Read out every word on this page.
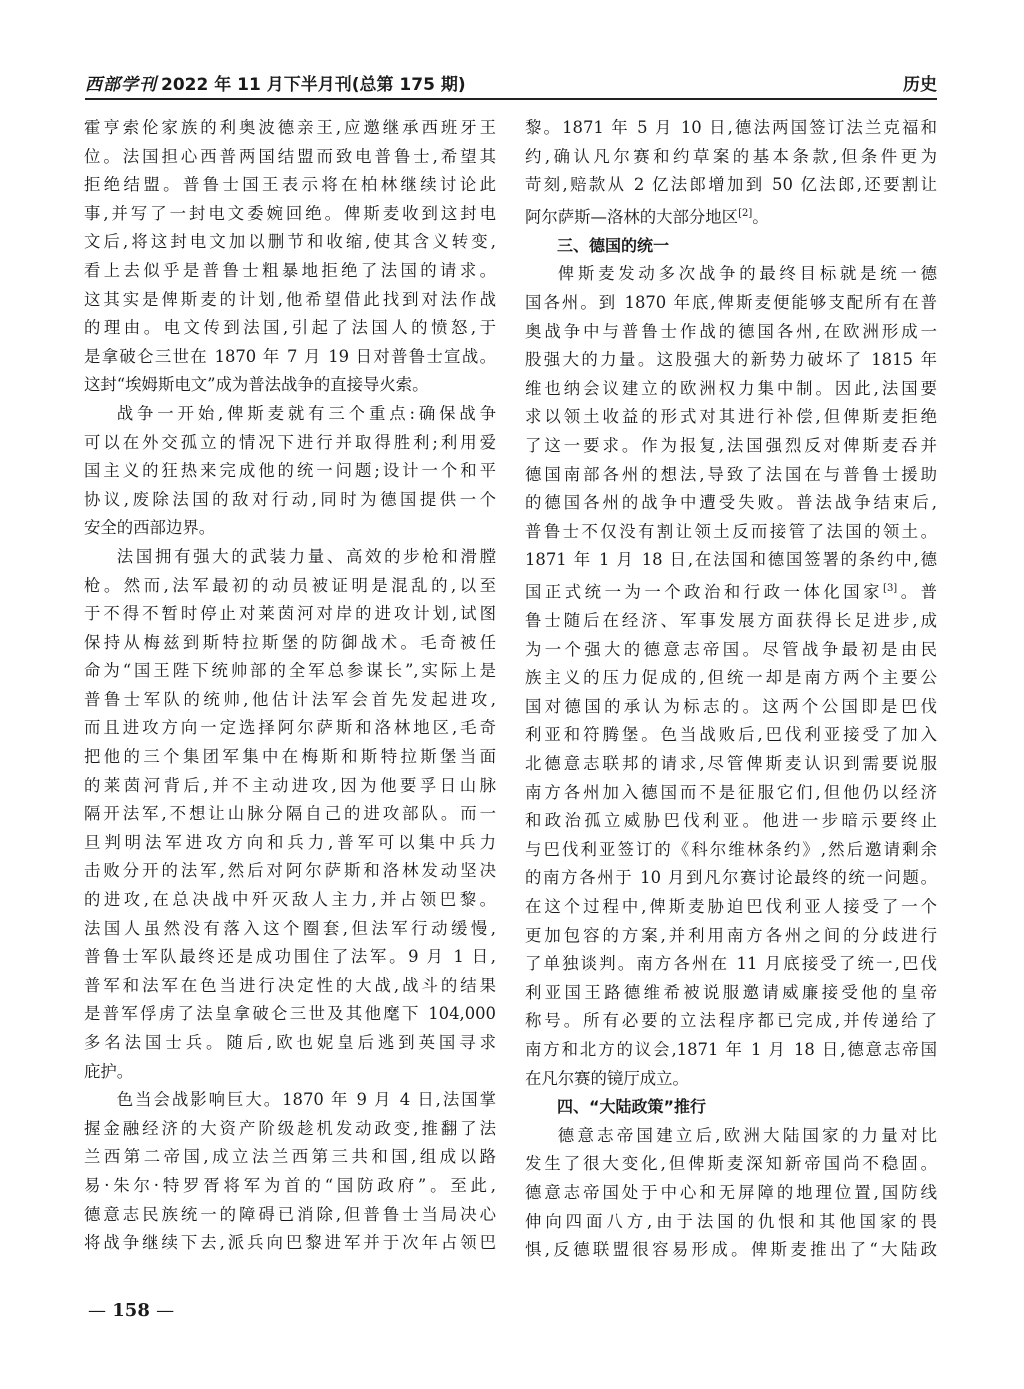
西部学刊 2022 年 11 月下半月刊(总第 175 期)	历史
霍亨索伦家族的利奥波德亲王,应邀继承西班牙王
位。法国担心西普两国结盟而致电普鲁士,希望其
拒绝结盟。普鲁士国王表示将在柏林继续讨论此
事,并写了一封电文委婉回绝。俾斯麦收到这封电
文后,将这封电文加以删节和收缩,使其含义转变,
看上去似乎是普鲁士粗暴地拒绝了法国的请求。
这其实是俾斯麦的计划,他希望借此找到对法作战
的理由。电文传到法国,引起了法国人的愤怒,于
是拿破仑三世在 1870 年 7 月 19 日对普鲁士宣战。
这封“埃姆斯电文”成为普法战争的直接导火索。
战争一开始,俾斯麦就有三个重点:确保战争
可以在外交孤立的情况下进行并取得胜利;利用爱
国主义的狂热来完成他的统一问题;设计一个和平
协议,废除法国的敌对行动,同时为德国提供一个
安全的西部边界。
法国拥有强大的武装力量、高效的步枪和滑膛
枪。然而,法军最初的动员被证明是混乱的,以至
于不得不暂时停止对莱茵河对岸的进攻计划,试图
保持从梅兹到斯特拉斯堡的防御战术。毛奇被任
命为“国王陛下统帅部的全军总参谋长”,实际上是
普鲁士军队的统帅,他估计法军会首先发起进攻,
而且进攻方向一定选择阿尔萨斯和洛林地区,毛奇
把他的三个集团军集中在梅斯和斯特拉斯堡当面
的莱茵河背后,并不主动进攻,因为他要孚日山脉
隔开法军,不想让山脉分隔自己的进攻部队。而一
旦判明法军进攻方向和兵力,普军可以集中兵力
击败分开的法军,然后对阿尔萨斯和洛林发动坚决
的进攻,在总决战中歼灭敌人主力,并占领巴黎。
法国人虽然没有落入这个圈套,但法军行动缓慢,
普鲁士军队最终还是成功围住了法军。9 月 1 日,
普军和法军在色当进行决定性的大战,战斗的结果
是普军俘虏了法皇拿破仑三世及其他麾下 104,000
多名法国士兵。随后,欧也妮皇后逃到英国寻求
庇护。
色当会战影响巨大。1870 年 9 月 4 日,法国掌
握金融经济的大资产阶级趁机发动政变,推翻了法
兰西第二帝国,成立法兰西第三共和国,组成以路
易·朱尔·特罗胥将军为首的“国防政府”。至此,
德意志民族统一的障碍已消除,但普鲁士当局决心
将战争继续下去,派兵向巴黎进军并于次年占领巴
黎。1871 年 5 月 10 日,德法两国签订法兰克福和
约,确认凡尔赛和约草案的基本条款,但条件更为
苛刻,赔款从 2 亿法郎增加到 50 亿法郎,还要割让
阿尔萨斯—洛林的大部分地区[2]。
三、德国的统一
俾斯麦发动多次战争的最终目标就是统一德
国各州。到 1870 年底,俾斯麦便能够支配所有在普
奥战争中与普鲁士作战的德国各州,在欧洲形成一
股强大的力量。这股强大的新势力破坏了 1815 年
维也纳会议建立的欧洲权力集中制。因此,法国要
求以领土收益的形式对其进行补偿,但俾斯麦拒绝
了这一要求。作为报复,法国强烈反对俾斯麦吞并
德国南部各州的想法,导致了法国在与普鲁士援助
的德国各州的战争中遭受失败。普法战争结束后,
普鲁士不仅没有割让领土反而接管了法国的领土。
1871 年 1 月 18 日,在法国和德国签署的条约中,德
国正式统一为一个政治和行政一体化国家[3]。普
鲁士随后在经济、军事发展方面获得长足进步,成
为一个强大的德意志帝国。尽管战争最初是由民
族主义的压力促成的,但统一却是南方两个主要公
国对德国的承认为标志的。这两个公国即是巴伐
利亚和符腾堡。色当战败后,巴伐利亚接受了加入
北德意志联邦的请求,尽管俾斯麦认识到需要说服
南方各州加入德国而不是征服它们,但他仍以经济
和政治孤立威胁巴伐利亚。他进一步暗示要终止
与巴伐利亚签订的《科尔维林条约》,然后邀请剩余
的南方各州于 10 月到凡尔赛讨论最终的统一问题。
在这个过程中,俾斯麦胁迫巴伐利亚人接受了一个
更加包容的方案,并利用南方各州之间的分歧进行
了单独谈判。南方各州在 11 月底接受了统一,巴伐
利亚国王路德维希被说服邀请威廉接受他的皇帝
称号。所有必要的立法程序都已完成,并传递给了
南方和北方的议会,1871 年 1 月 18 日,德意志帝国
在凡尔赛的镜厅成立。
四、“大陆政策”推行
德意志帝国建立后,欧洲大陆国家的力量对比
发生了很大变化,但俾斯麦深知新帝国尚不稳固。
德意志帝国处于中心和无屏障的地理位置,国防线
伸向四面八方,由于法国的仇恨和其他国家的畏
惧,反德联盟很容易形成。俾斯麦推出了“大陆政
— 158 —
